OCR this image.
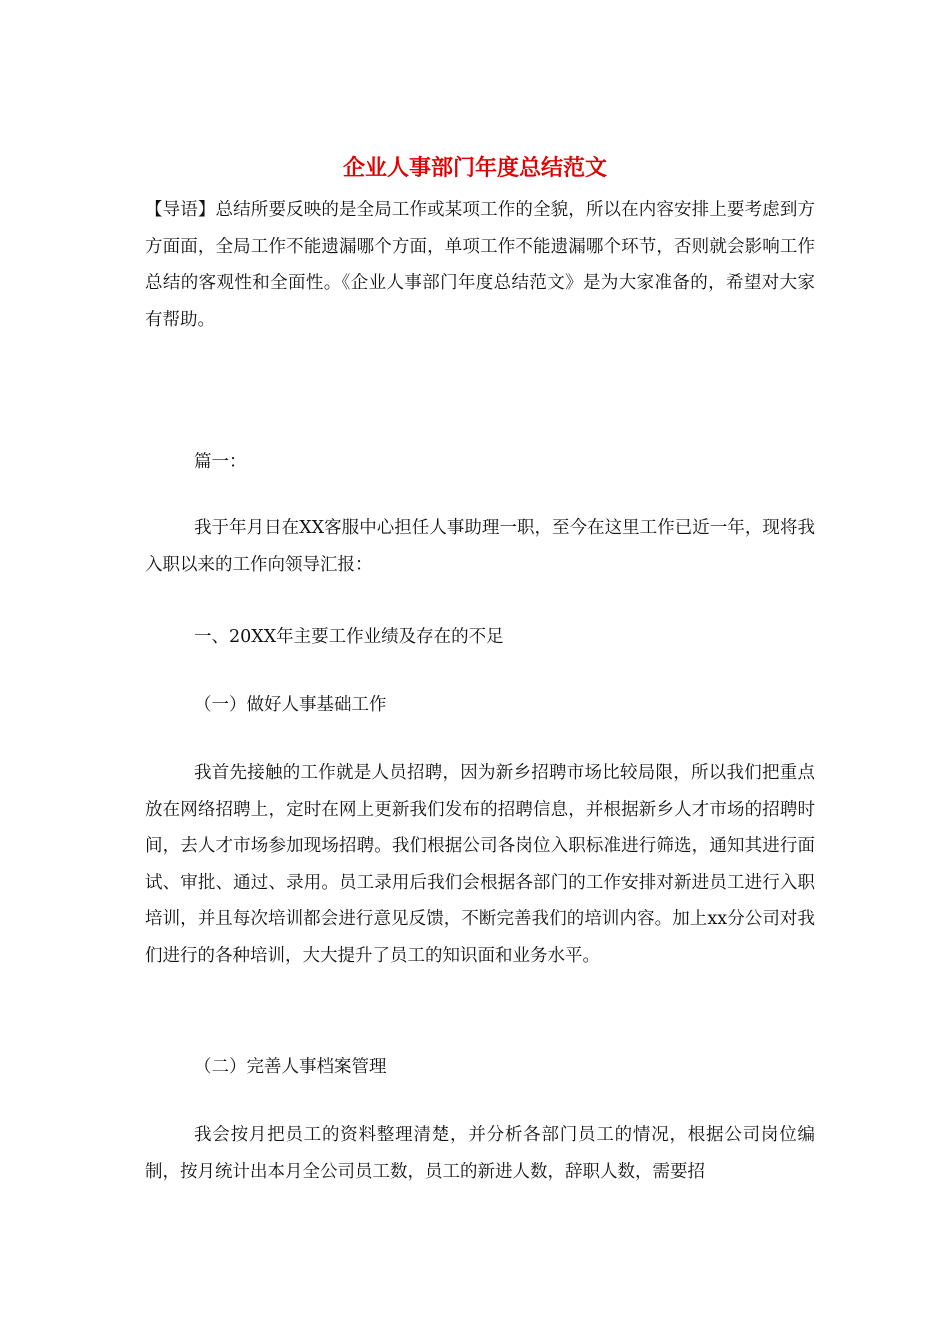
企业人事部门年度总结范文

【导语】总结所要反映的是全局工作或某项工作的全貌，所以在内容安排上要考虑到方方面面，全局工作不能遗漏哪个方面，单项工作不能遗漏哪个环节，否则就会影响工作总结的客观性和全面性。《企业人事部门年度总结范文》是为大家准备的，希望对大家有帮助。

篇一：

我于年月日在XX客服中心担任人事助理一职，至今在这里工作已近一年，现将我入职以来的工作向领导汇报：

一、20XX年主要工作业绩及存在的不足
（一）做好人事基础工作

我首先接触的工作就是人员招聘，因为新乡招聘市场比较局限，所以我们把重点放在网络招聘上，定时在网上更新我们发布的招聘信息，并根据新乡人才市场的招聘时间，去人才市场参加现场招聘。我们根据公司各岗位入职标准进行筛选，通知其进行面试、审批、通过、录用。员工录用后我们会根据各部门的工作安排对新进员工进行入职培训，并且每次培训都会进行意见反馈，不断完善我们的培训内容。加上xx分公司对我们进行的各种培训，大大提升了员工的知识面和业务水平。

（二）完善人事档案管理

我会按月把员工的资料整理清楚，并分析各部门员工的情况，根据公司岗位编制，按月统计出本月全公司员工数，员工的新进人数，辞职人数，需要招
